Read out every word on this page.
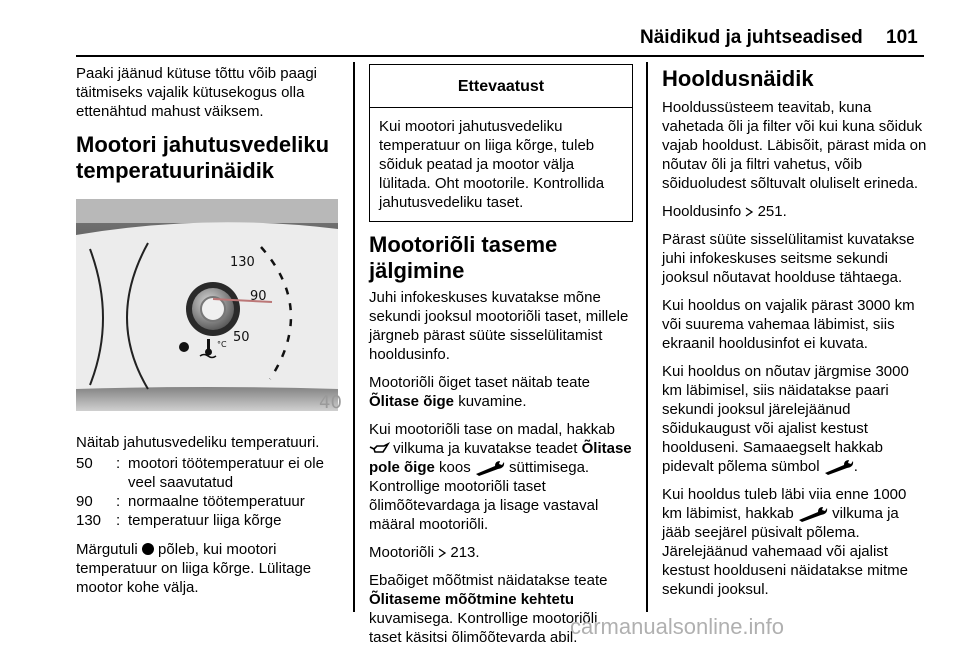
Näidikud ja juhtseadised 101

Paaki jäänud kütuse tõttu võib paagi täitmiseks vajalik kütusekogus olla ettenähtud mahust väiksem.

Mootori jahutusvedeliku temperatuurinäidik
130
90
50
°C
40

Näitab jahutusvedeliku temperatuuri.

50	: mootori töötemperatuur ei ole veel saavutatud
90	: normaalne töötemperatuur
130 : temperatuur liiga kõrge

Märgutuli põleb, kui mootori temperatuur on liiga kõrge. Lülitage mootor kohe välja.

Ettevaatust
Kui mootori jahutusvedeliku temperatuur on liiga kõrge, tuleb sõiduk peatad ja mootor välja lülitada. Oht mootorile. Kontrollida jahutusvedeliku taset.
Mootoriõli taseme jälgimine

Juhi infokeskuses kuvatakse mõne sekundi jooksul mootoriõli taset, millele järgneb pärast süüte sisselülitamist hooldusinfo.

Mootoriõli õiget taset näitab teate Õlitase õige kuvamine.

Kui mootoriõli tase on madal, hakkab  vilkuma ja kuvatakse teadet Õlitase pole õige koos	süttimisega. Kontrollige mootoriõli taset õlimõõtevardaga ja lisage vastaval määral mootoriõli.

Mootoriõli 213.

Ebaõiget mõõtmist näidatakse teate Õlitaseme mõõtmine kehtetu kuvamisega. Kontrollige mootoriõli taset käsitsi õlimõõtevarda abil.

Hooldusnäidik

Hooldussüsteem teavitab, kuna vahetada õli ja filter või kui kuna sõiduk vajab hooldust. Läbisõit, pärast mida on nõutav õli ja filtri vahetus, võib sõiduoludest sõltuvalt oluliselt erineda.

Hooldusinfo 251.

Pärast süüte sisselülitamist kuvatakse juhi infokeskuses seitsme sekundi jooksul nõutavat hoolduse tähtaega.

Kui hooldus on vajalik pärast 3000 km või suurema vahemaa läbimist, siis ekraanil hooldusinfot ei kuvata.

Kui hooldus on nõutav järgmise 3000 km läbimisel, siis näidatakse paari sekundi jooksul järelejäänud sõidukaugust või ajalist kestust hoolduseni. Samaaegselt hakkab pidevalt põlema sümbol .

Kui hooldus tuleb läbi viia enne 1000 km läbimist, hakkab	vilkuma ja jääb seejärel püsivalt põlema. Järelejäänud vahemaad või ajalist kestust hoolduseni näidatakse mitme sekundi jooksul.

carmanualsonline.info
